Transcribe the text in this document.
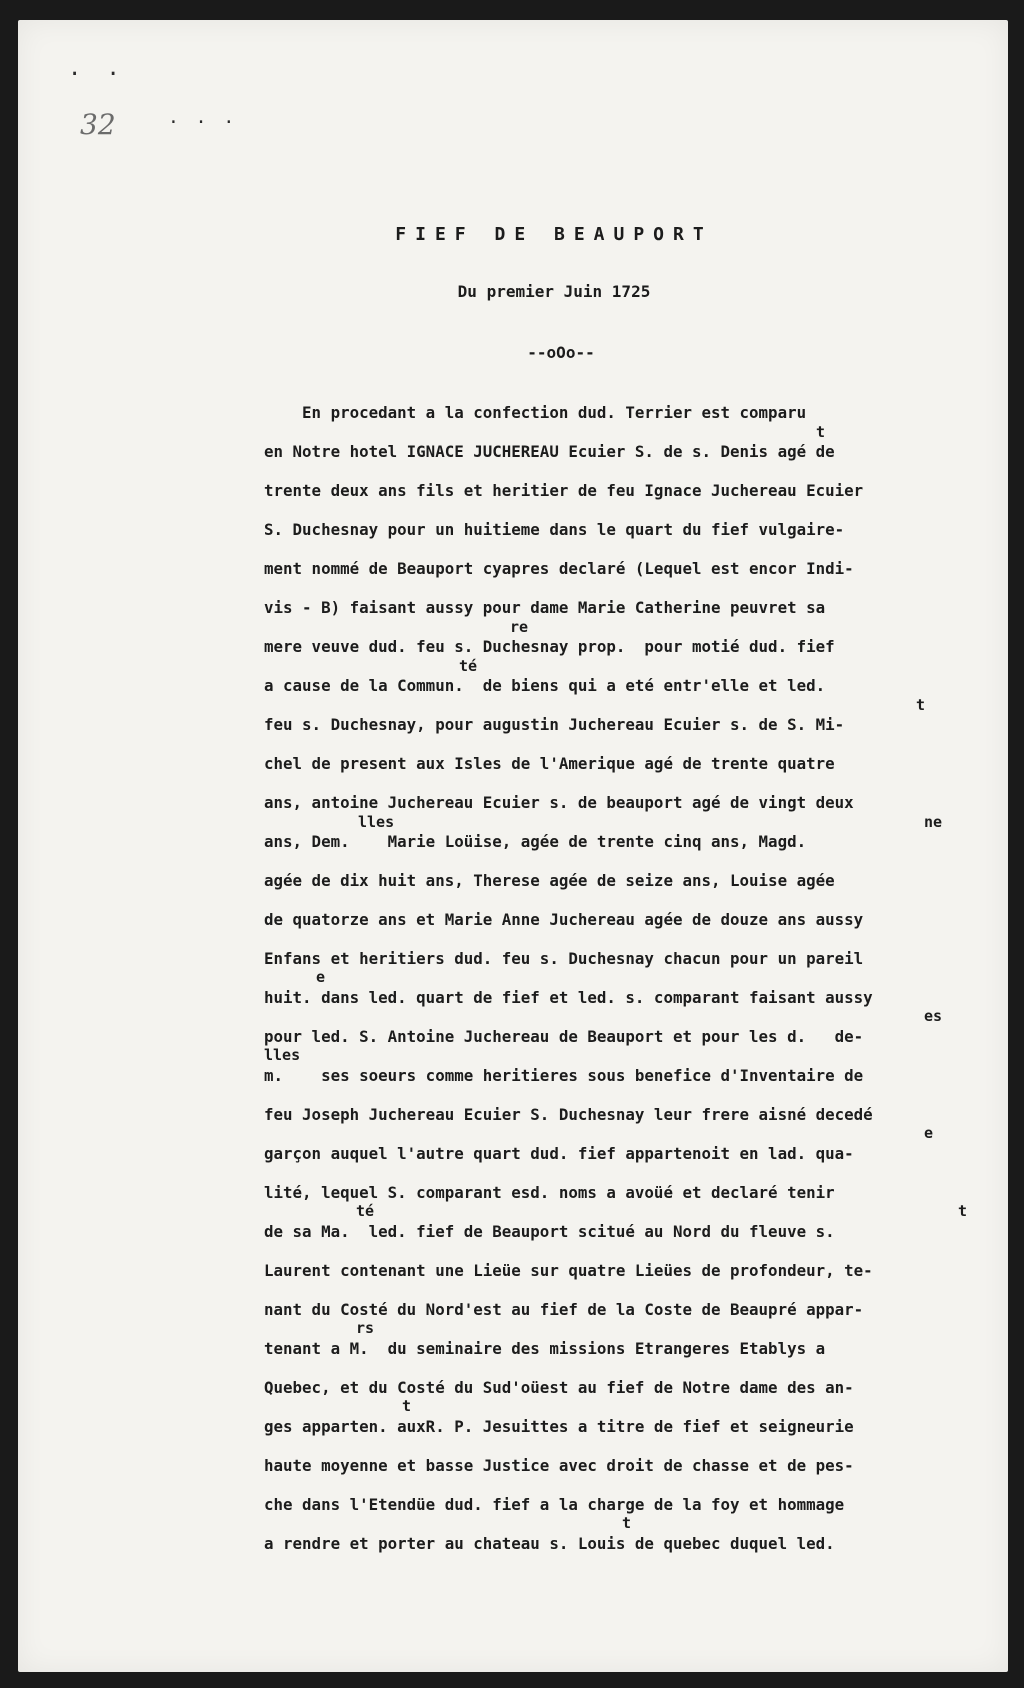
32
· ·
· · ·
FIEF DE BEAUPORT
Du premier Juin 1725
--oOo--
En procedant a la confection dud. Terrier est comparu
en Notre hotel IGNACE JUCHEREAU Ecuier S. de s. Denis agé de
trente deux ans fils et heritier de feu Ignace Juchereau Ecuier
S. Duchesnay pour un huitieme dans le quart du fief vulgaire-
ment nommé de Beauport cyapres declaré (Lequel est encor Indi-
vis - B) faisant aussy pour dame Marie Catherine peuvret sa
mere veuve dud. feu s. Duchesnay prop.  pour motié dud. fief
a cause de la Commun.  de biens qui a eté entr'elle et led.
feu s. Duchesnay, pour augustin Juchereau Ecuier s. de S. Mi-
chel de present aux Isles de l'Amerique agé de trente quatre
ans, antoine Juchereau Ecuier s. de beauport agé de vingt deux
ans, Dem.    Marie Loüise, agée de trente cinq ans, Magd.
agée de dix huit ans, Therese agée de seize ans, Louise agée
de quatorze ans et Marie Anne Juchereau agée de douze ans aussy
Enfans et heritiers dud. feu s. Duchesnay chacun pour un pareil
huit. dans led. quart de fief et led. s. comparant faisant aussy
pour led. S. Antoine Juchereau de Beauport et pour les d.   de-
m.    ses soeurs comme heritieres sous benefice d'Inventaire de
feu Joseph Juchereau Ecuier S. Duchesnay leur frere aisné decedé
garçon auquel l'autre quart dud. fief appartenoit en lad. qua-
lité, lequel S. comparant esd. noms a avoüé et declaré tenir
de sa Ma.  led. fief de Beauport scitué au Nord du fleuve s.
Laurent contenant une Lieüe sur quatre Lieües de profondeur, te-
nant du Costé du Nord'est au fief de la Coste de Beaupré appar-
tenant a M.  du seminaire des missions Etrangeres Etablys a
Quebec, et du Costé du Sud'oüest au fief de Notre dame des an-
ges apparten. auxR. P. Jesuittes a titre de fief et seigneurie
haute moyenne et basse Justice avec droit de chasse et de pes-
che dans l'Etendüe dud. fief a la charge de la foy et hommage
a rendre et porter au chateau s. Louis de quebec duquel led.
t
re
té
t
lles	ne
e
es
lles
e
té	t
rs
t
t
